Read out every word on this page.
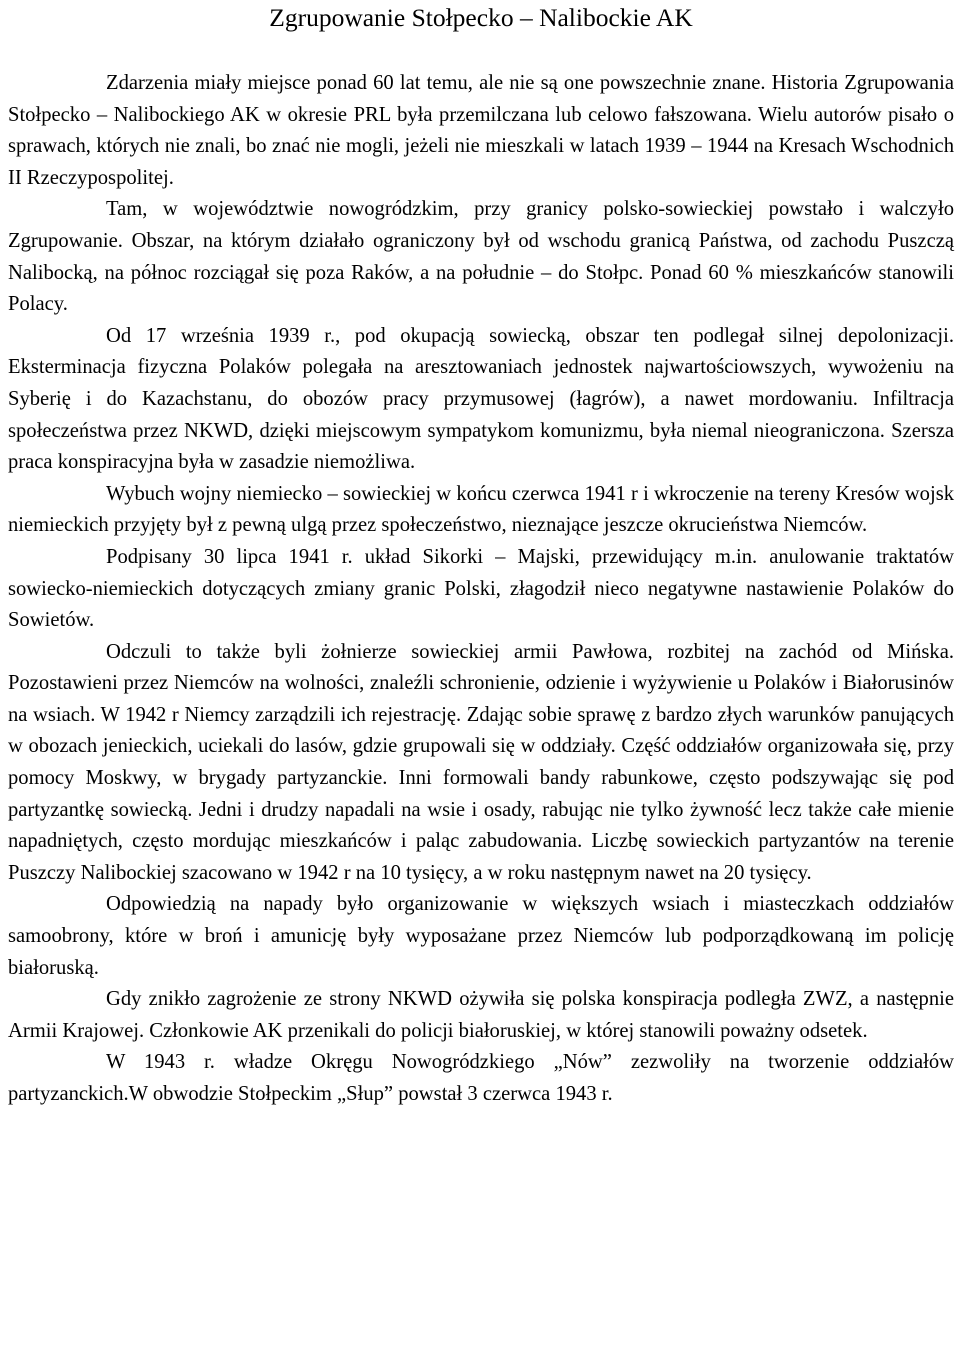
Zgrupowanie Stołpecko – Nalibockie AK

Zdarzenia miały miejsce ponad 60 lat temu, ale nie są one powszechnie znane. Historia Zgrupowania Stołpecko – Nalibockiego AK w okresie PRL była przemilczana lub celowo fałszowana. Wielu autorów pisało o sprawach, których nie znali, bo znać nie mogli, jeżeli nie mieszkali w latach 1939 – 1944 na Kresach Wschodnich II Rzeczypospolitej.

Tam, w województwie nowogródzkim, przy granicy polsko-sowieckiej powstało i walczyło Zgrupowanie. Obszar, na którym działało ograniczony był od wschodu granicą Państwa, od zachodu Puszczą Nalibocką, na północ rozciągał się poza Raków, a na południe – do Stołpc. Ponad 60 % mieszkańców stanowili Polacy.

Od 17 września 1939 r., pod okupacją sowiecką, obszar ten podlegał silnej depolonizacji. Eksterminacja fizyczna Polaków polegała na aresztowaniach jednostek najwartościowszych, wywożeniu na Syberię i do Kazachstanu, do obozów pracy przymusowej (łagrów), a nawet mordowaniu. Infiltracja społeczeństwa przez NKWD, dzięki miejscowym sympatykom komunizmu, była niemal nieograniczona. Szersza praca konspiracyjna była w zasadzie niemożliwa.

Wybuch wojny niemiecko – sowieckiej w końcu czerwca 1941 r i wkroczenie na tereny Kresów wojsk niemieckich przyjęty był z pewną ulgą przez społeczeństwo, nieznające jeszcze okrucieństwa Niemców.

Podpisany 30 lipca 1941 r. układ Sikorki – Majski, przewidujący m.in. anulowanie traktatów sowiecko-niemieckich dotyczących zmiany granic Polski, złagodził nieco negatywne nastawienie Polaków do Sowietów.

Odczuli to także byli żołnierze sowieckiej armii Pawłowa, rozbitej na zachód od Mińska. Pozostawieni przez Niemców na wolności, znaleźli schronienie, odzienie i wyżywienie u Polaków i Białorusinów na wsiach. W 1942 r Niemcy zarządzili ich rejestrację. Zdając sobie sprawę z bardzo złych warunków panujących w obozach jenieckich, uciekali do lasów, gdzie grupowali się w oddziały. Część oddziałów organizowała się, przy pomocy Moskwy, w brygady partyzanckie. Inni formowali bandy rabunkowe, często podszywając się pod partyzantkę sowiecką. Jedni i drudzy napadali na wsie i osady, rabując nie tylko żywność lecz także całe mienie napadniętych, często mordując mieszkańców i paląc zabudowania. Liczbę sowieckich partyzantów na terenie Puszczy Nalibockiej szacowano w 1942 r na 10 tysięcy, a w roku następnym nawet na 20 tysięcy.

Odpowiedzią na napady było organizowanie w większych wsiach i miasteczkach oddziałów samoobrony, które w broń i amunicję były wyposażane przez Niemców lub podporządkowaną im policję białoruską.

Gdy znikło zagrożenie ze strony NKWD ożywiła się polska konspiracja podległa ZWZ, a następnie Armii Krajowej. Członkowie AK przenikali do policji białoruskiej, w której stanowili poważny odsetek.

W 1943 r. władze Okręgu Nowogródzkiego „Nów” zezwoliły na tworzenie oddziałów partyzanckich.W obwodzie Stołpeckim „Słup” powstał 3 czerwca 1943 r.
